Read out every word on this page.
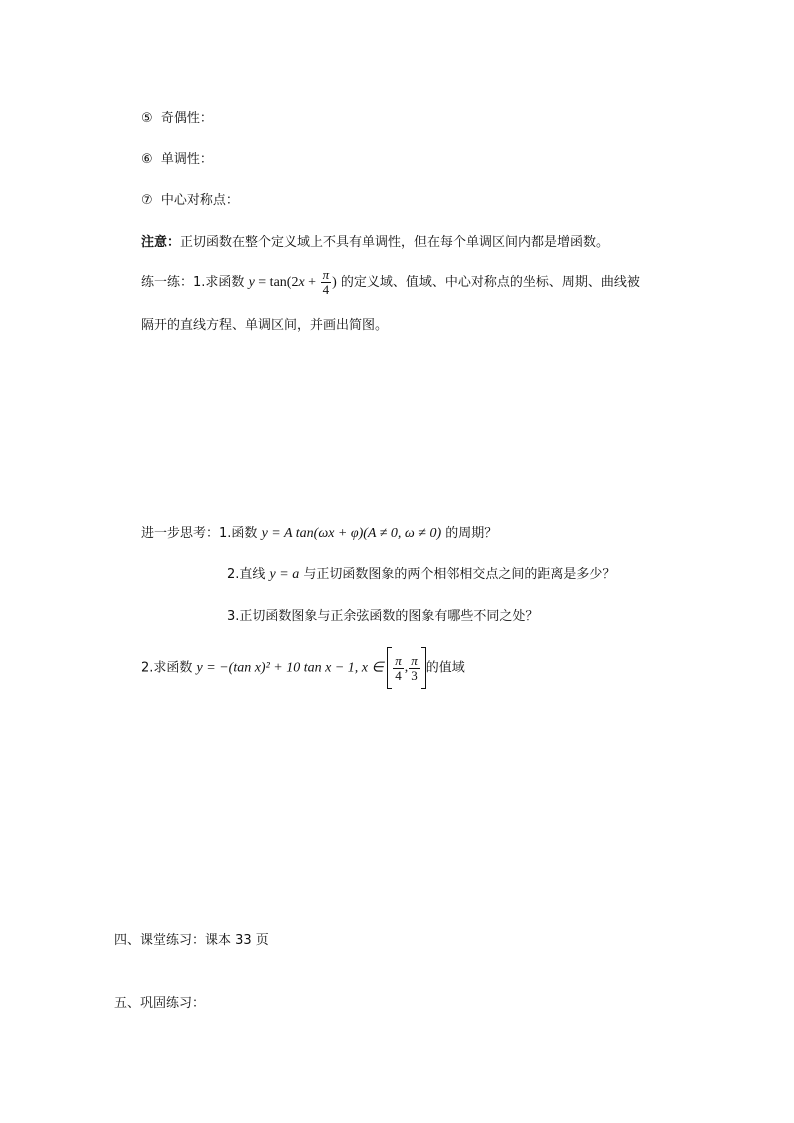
⑤ 奇偶性：
⑥ 单调性：
⑦ 中心对称点：
注意：正切函数在整个定义域上不具有单调性，但在每个单调区间内都是增函数。
练一练：1.求函数 $y = \tan(2x + \frac{\pi}{4}$ ) 的定义域、值域、中心对称点的坐标、周期、曲线被
隔开的直线方程、单调区间，并画出简图。
进一步思考：1.函数 y = A tan(ωx + φ)(A ≠ 0, ω ≠ 0) 的周期？
2.直线 y = a 与正切函数图象的两个相邻相交点之间的距离是多少？
3.正切函数图象与正余弦函数的图象有哪些不同之处？
2.求函数 y = −(tan x)² + 10 tan x − 1, x ∈ $\frac{\pi}{4}$ , $\frac{\pi}{3}$ 的值域
四、课堂练习：课本 33 页
五、巩固练习：
